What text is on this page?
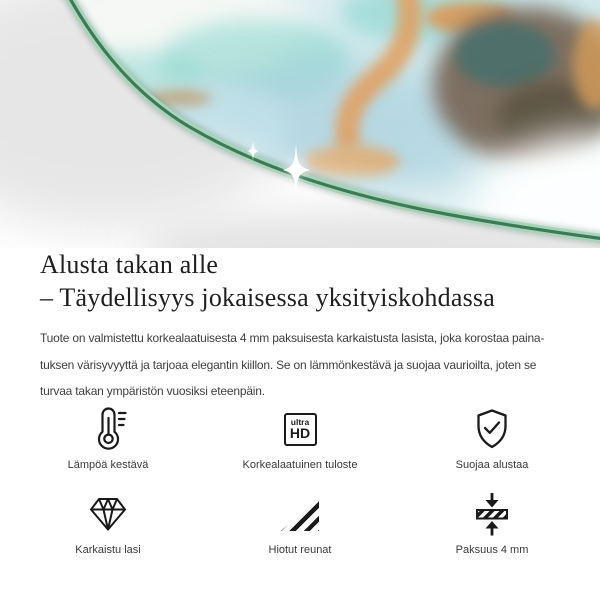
Alusta takan alle
– Täydellisyys jokaisessa yksityiskohdassa

Tuote on valmistettu korkealaatuisesta 4 mm paksuisesta karkaistusta lasista, joka korostaa paina-
tuksen värisyvyyttä ja tarjoaa elegantin kiillon. Se on lämmönkestävä ja suojaa vaurioilta, joten se
turvaa takan ympäristön vuosiksi eteenpäin.

Lämpöä kestävä
ultra
HD
Korkealaatuinen tuloste	Suojaa alustaa
Karkaistu lasi	Hiotut reunat	Paksuus 4 mm
